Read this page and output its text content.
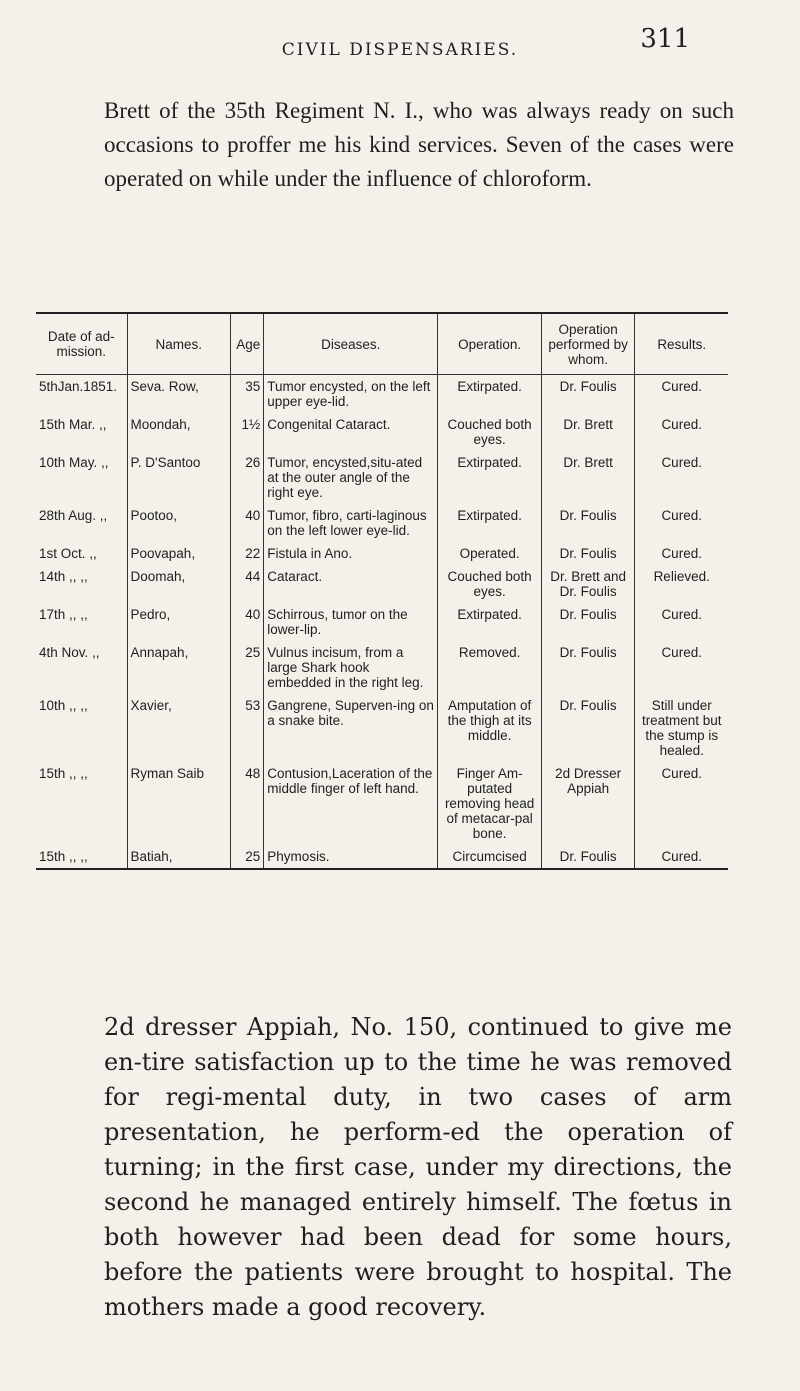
CIVIL DISPENSARIES.	311
Brett of the 35th Regiment N. I., who was always ready on such occasions to proffer me his kind services. Seven of the cases were operated on while under the influence of chloroform.
Date of ad-mission.	Names.	Age	Diseases.	Operation.	Operation performed by whom.	Results.
5thJan.1851.	Seva. Row,	35	Tumor encysted, on the left upper eye-lid.	Extirpated.	Dr. Foulis	Cured.
15th Mar. ,,	Moondah,	1½	Congenital Cataract.	Couched both eyes.	Dr. Brett	Cured.
10th May. ,,	P. D'Santoo	26	Tumor, encysted,situ-ated at the outer angle of the right eye.	Extirpated.	Dr. Brett	Cured.
28th Aug. ,,	Pootoo,	40	Tumor, fibro, carti-laginous on the left lower eye-lid.	Extirpated.	Dr. Foulis	Cured.
1st Oct. ,,	Poovapah,	22	Fistula in Ano.	Operated.	Dr. Foulis	Cured.
14th ,, ,,	Doomah,	44	Cataract.	Couched both eyes.	Dr. Brett and Dr. Foulis	Relieved.
17th ,, ,,	Pedro,	40	Schirrous, tumor on the lower-lip.	Extirpated.	Dr. Foulis	Cured.
4th Nov. ,,	Annapah,	25	Vulnus incisum, from a large Shark hook embedded in the right leg.	Removed.	Dr. Foulis	Cured.
10th ,, ,,	Xavier,	53	Gangrene, Superven-ing on a snake bite.	Amputation of the thigh at its middle.	Dr. Foulis	Still under treatment but the stump is healed.
15th ,, ,,	Ryman Saib	48	Contusion,Laceration of the middle finger of left hand.	Finger Am-putated removing head of metacar-pal bone.	2d Dresser Appiah	Cured.
15th ,, ,,	Batiah,	25	Phymosis.	Circumcised	Dr. Foulis	Cured.
2d dresser Appiah, No. 150, continued to give me en-tire satisfaction up to the time he was removed for regi-mental duty, in two cases of arm presentation, he perform-ed the operation of turning; in the first case, under my directions, the second he managed entirely himself. The fœtus in both however had been dead for some hours, before the patients were brought to hospital. The mothers made a good recovery.
